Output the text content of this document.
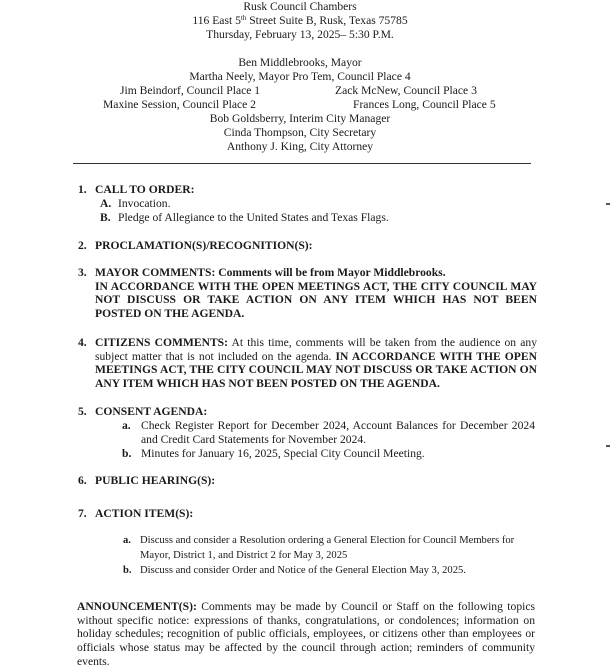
Rusk Council Chambers
116 East 5th Street Suite B, Rusk, Texas 75785
Thursday, February 13, 2025– 5:30 P.M.
Ben Middlebrooks, Mayor
Martha Neely, Mayor Pro Tem, Council Place 4
Jim Beindorf, Council Place 1	Zack McNew, Council Place 3
Maxine Session, Council Place 2	Frances Long, Council Place 5
Bob Goldsberry, Interim City Manager
Cinda Thompson, City Secretary
Anthony J. King, City Attorney
1. CALL TO ORDER:
A. Invocation.
B. Pledge of Allegiance to the United States and Texas Flags.
2. PROCLAMATION(S)/RECOGNITION(S):
3. MAYOR COMMENTS: Comments will be from Mayor Middlebrooks.
IN ACCORDANCE WITH THE OPEN MEETINGS ACT, THE CITY COUNCIL MAY NOT DISCUSS OR TAKE ACTION ON ANY ITEM WHICH HAS NOT BEEN POSTED ON THE AGENDA.
4. CITIZENS COMMENTS: At this time, comments will be taken from the audience on any subject matter that is not included on the agenda. IN ACCORDANCE WITH THE OPEN MEETINGS ACT, THE CITY COUNCIL MAY NOT DISCUSS OR TAKE ACTION ON ANY ITEM WHICH HAS NOT BEEN POSTED ON THE AGENDA.
5. CONSENT AGENDA:
a. Check Register Report for December 2024, Account Balances for December 2024 and Credit Card Statements for November 2024.
b. Minutes for January 16, 2025, Special City Council Meeting.
6. PUBLIC HEARING(S):
7. ACTION ITEM(S):
a. Discuss and consider a Resolution ordering a General Election for Council Members for Mayor, District 1, and District 2 for May 3, 2025
b. Discuss and consider Order and Notice of the General Election May 3, 2025.
ANNOUNCEMENT(S): Comments may be made by Council or Staff on the following topics without specific notice: expressions of thanks, congratulations, or condolences; information on holiday schedules; recognition of public officials, employees, or citizens other than employees or officials whose status may be affected by the council through action; reminders of community events.
